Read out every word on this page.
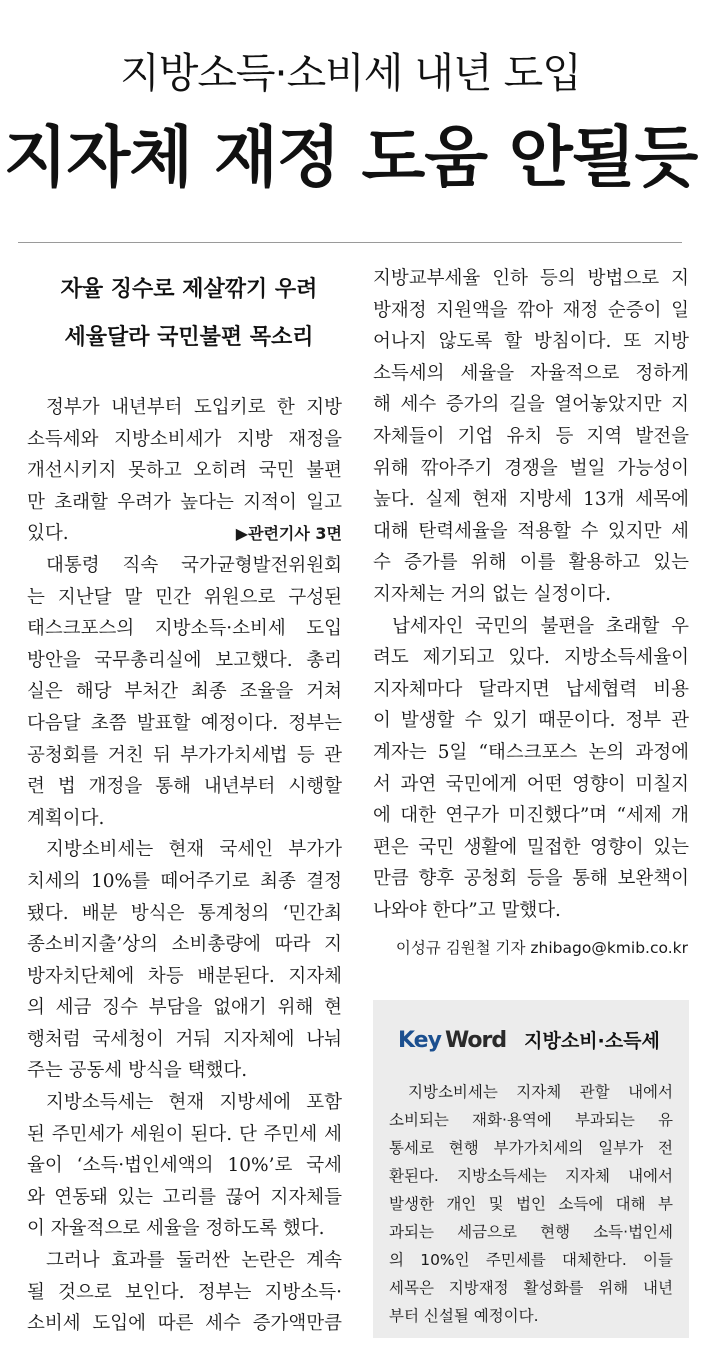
지방소득·소비세 내년 도입
지자체 재정 도움 안될듯
자율 징수로 제살깎기 우려
세율달라 국민불편 목소리

정부가 내년부터 도입키로 한 지방

소득세와 지방소비세가 지방 재정을

개선시키지 못하고 오히려 국민 불편

만 초래할 우려가 높다는 지적이 일고

있다.	▶관련기사 3면

대통령 직속 국가균형발전위원회

는 지난달 말 민간 위원으로 구성된

태스크포스의 지방소득·소비세 도입

방안을 국무총리실에 보고했다. 총리

실은 해당 부처간 최종 조율을 거쳐

다음달 초쯤 발표할 예정이다. 정부는

공청회를 거친 뒤 부가가치세법 등 관

련 법 개정을 통해 내년부터 시행할

계획이다.

지방소비세는 현재 국세인 부가가

치세의 10%를 떼어주기로 최종 결정

됐다. 배분 방식은 통계청의 ‘민간최

종소비지출’상의 소비총량에 따라 지

방자치단체에 차등 배분된다. 지자체

의 세금 징수 부담을 없애기 위해 현

행처럼 국세청이 거둬 지자체에 나눠

주는 공동세 방식을 택했다.

지방소득세는 현재 지방세에 포함

된 주민세가 세원이 된다. 단 주민세 세

율이 ‘소득·법인세액의 10%’로 국세

와 연동돼 있는 고리를 끊어 지자체들

이 자율적으로 세율을 정하도록 했다.

그러나 효과를 둘러싼 논란은 계속

될 것으로 보인다. 정부는 지방소득·

소비세 도입에 따른 세수 증가액만큼

지방교부세율 인하 등의 방법으로 지

방재정 지원액을 깎아 재정 순증이 일

어나지 않도록 할 방침이다. 또 지방

소득세의 세율을 자율적으로 정하게

해 세수 증가의 길을 열어놓았지만 지

자체들이 기업 유치 등 지역 발전을

위해 깎아주기 경쟁을 벌일 가능성이

높다. 실제 현재 지방세 13개 세목에

대해 탄력세율을 적용할 수 있지만 세

수 증가를 위해 이를 활용하고 있는

지자체는 거의 없는 실정이다.

납세자인 국민의 불편을 초래할 우

려도 제기되고 있다. 지방소득세율이

지자체마다 달라지면 납세협력 비용

이 발생할 수 있기 때문이다. 정부 관

계자는 5일 “태스크포스 논의 과정에

서 과연 국민에게 어떤 영향이 미칠지

에 대한 연구가 미진했다”며 “세제 개

편은 국민 생활에 밀접한 영향이 있는

만큼 향후 공청회 등을 통해 보완책이

나와야 한다”고 말했다.

이성규 김원철 기자 zhibago@kmib.co.kr
Key Word 지방소비·소득세

지방소비세는 지자체 관할 내에서

소비되는 재화·용역에 부과되는 유

통세로 현행 부가가치세의 일부가 전

환된다. 지방소득세는 지자체 내에서

발생한 개인 및 법인 소득에 대해 부

과되는 세금으로 현행 소득·법인세

의 10%인 주민세를 대체한다. 이들

세목은 지방재정 활성화를 위해 내년

부터 신설될 예정이다.
